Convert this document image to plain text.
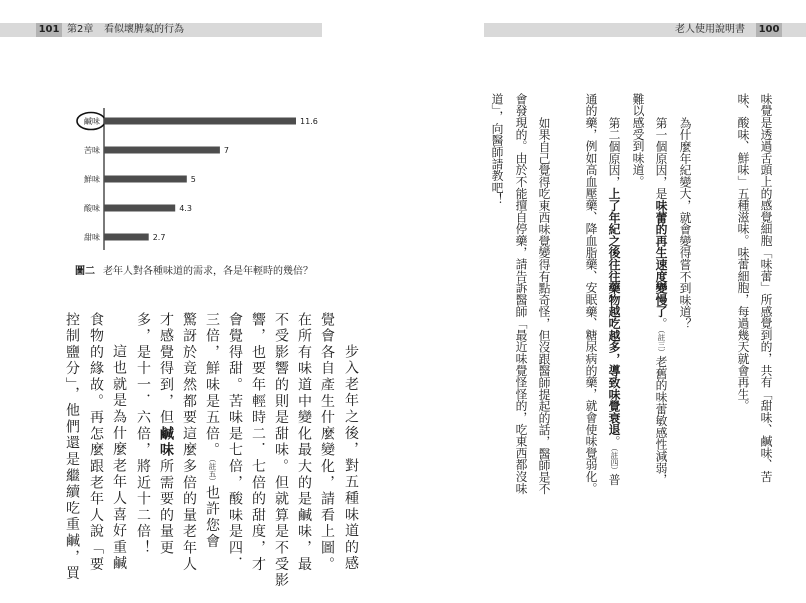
101 第2章 看似壞脾氣的行為	老人使用說明書 100
鹹味	11.6
苦味	7
鮮味	5
酸味	4.3
甜味	2.7
圖二 老年人對各種味道的需求，各是年輕時的幾倍？
步入老年之後，對五種味道的感
覺會各自產生什麼變化，請看上圖。
在所有味道中變化最大的是鹹味，最
不受影響的則是甜味。但就算是不受影
響，也要年輕時二．七倍的甜度，才
會覺得甜。苦味是七倍，酸味是四．
三倍，鮮味是五倍。（註五）也許您會
驚訝於竟然都要這麼多倍的量老年人
才感覺得到，但鹹味所需要的量更
多，是十一．六倍，將近十二倍！
這也就是為什麼老年人喜好重鹹
食物的緣故。再怎麼跟老年人說「要
控制鹽分」，他們還是繼續吃重鹹，買	味覺是透過舌頭上的感覺細胞「味蕾」所感覺到的，共有「甜味、鹹味、苦
味、酸味、鮮味」五種滋味。味蕾細胞，每過幾天就會再生。
為什麼年紀變大，就會變得嘗不到味道？
第一個原因，是味蕾的再生速度變慢了。（註三）老舊的味蕾敏感性減弱，
難以感受到味道。
第二個原因，上了年紀之後往往藥物越吃越多，導致味覺衰退。（註四）普
通的藥，例如高血壓藥、降血脂藥、安眠藥、糖尿病的藥，就會使味覺弱化。
如果自己覺得吃東西味覺變得有點奇怪，但沒跟醫師提起的話，醫師是不
會發現的。由於不能擅自停藥，請告訴醫師「最近味覺怪怪的，吃東西都沒味
道」，向醫師請教吧！
